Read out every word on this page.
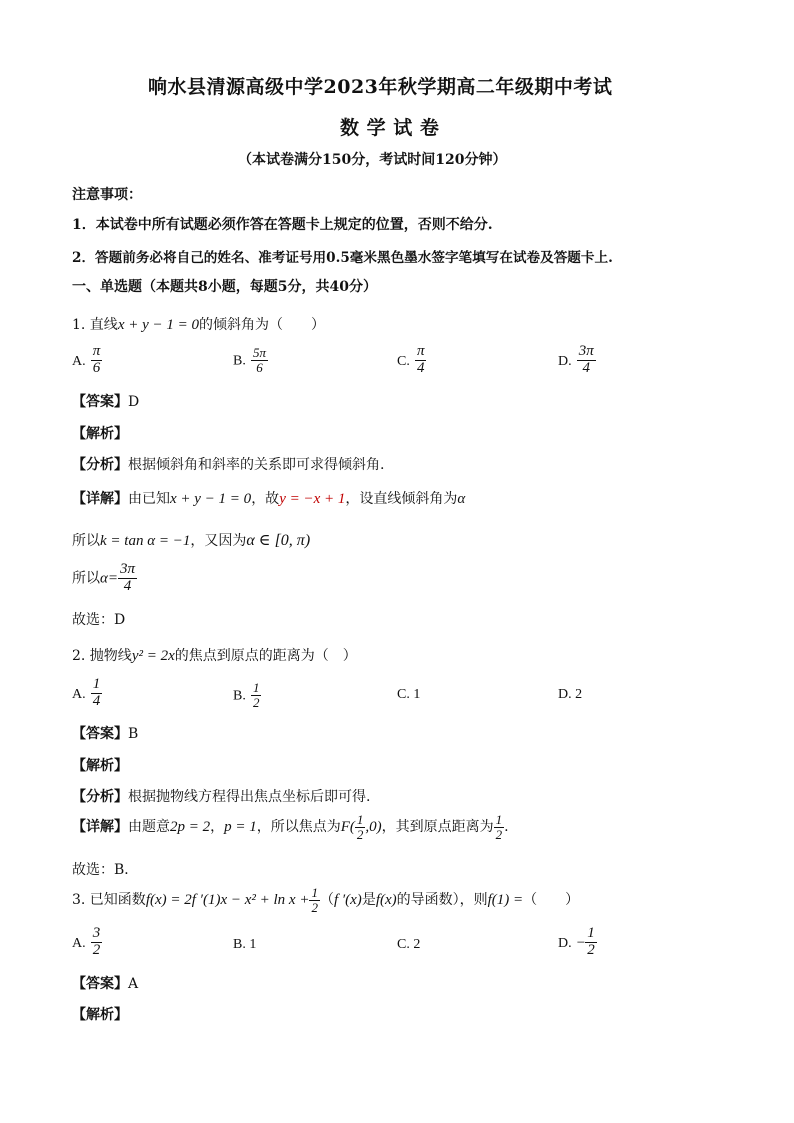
响水县清源高级中学2023年秋学期高二年级期中考试
数 学 试 卷
（本试卷满分150分，考试时间120分钟）
注意事项：
1．本试卷中所有试题必须作答在答题卡上规定的位置，否则不给分.
2．答题前务必将自己的姓名、准考证号用0.5毫米黑色墨水签字笔填写在试卷及答题卡上.
一、单选题（本题共8小题，每题5分，共40分）
1. 直线x + y − 1 = 0的倾斜角为（　　）
A. $\frac{\pi}{6}$	B. $\frac{5\pi}{6}$	C. $\frac{\pi}{4}$	D. $\frac{3\pi}{4}$
【答案】D
【解析】
【分析】根据倾斜角和斜率的关系即可求得倾斜角.
【详解】由已知x + y − 1 = 0，故y = −x + 1，设直线倾斜角为α
所以k = tan α = −1，又因为α ∈ [0, π)
所以$\alpha= \frac{3\pi}{4}$
故选：D
2. 抛物线y² = 2x的焦点到原点的距离为（　）
A. $\frac{1}{4}$	B. $\frac{1}{2}$	C. 1	D. 2
【答案】B
【解析】
【分析】根据抛物线方程得出焦点坐标后即可得.
【详解】由题意2p = 2，p = 1，所以焦点为$F( \frac{1}{2} ,0)$，其到原点距离为 $\frac{1}{2}$ .
故选：B．
3. 已知函数f(x) = 2f $'(1)x - x^2 + \ln x + \frac{1}{2} (f$ ′(x)是f(x)的导函数），则f(1) =（　　）
A. $\frac{3}{2}$	B. 1	C. 2	D. − $\frac{1}{2}$
【答案】A
【解析】
